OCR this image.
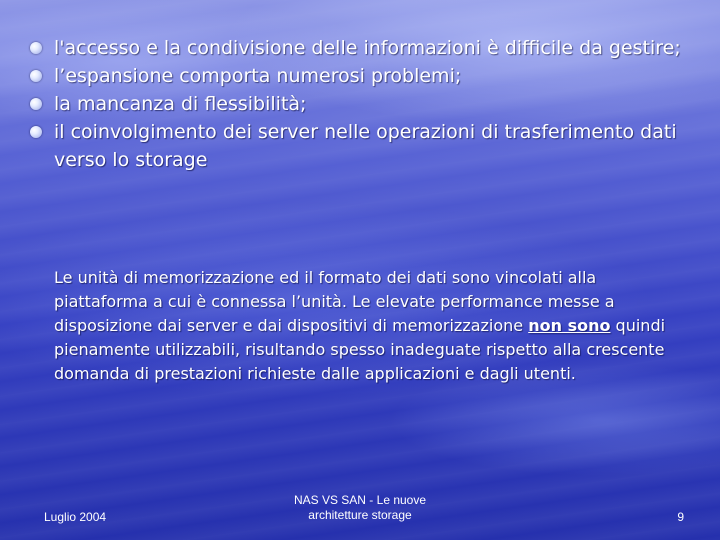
l'accesso e la condivisione delle informazioni è difficile da gestire;
l’espansione comporta numerosi problemi;
la mancanza di flessibilità;
il coinvolgimento dei server nelle operazioni di trasferimento dati verso lo storage

Le unità di memorizzazione ed il formato dei dati sono vincolati alla piattaforma a cui è connessa l’unità. Le elevate performance messe a disposizione dai server e dai dispositivi di memorizzazione non sono quindi pienamente utilizzabili, risultando spesso inadeguate rispetto alla crescente domanda di prestazioni richieste dalle applicazioni e dagli utenti.

Luglio 2004
NAS VS SAN - Le nuove
architetture storage	9
